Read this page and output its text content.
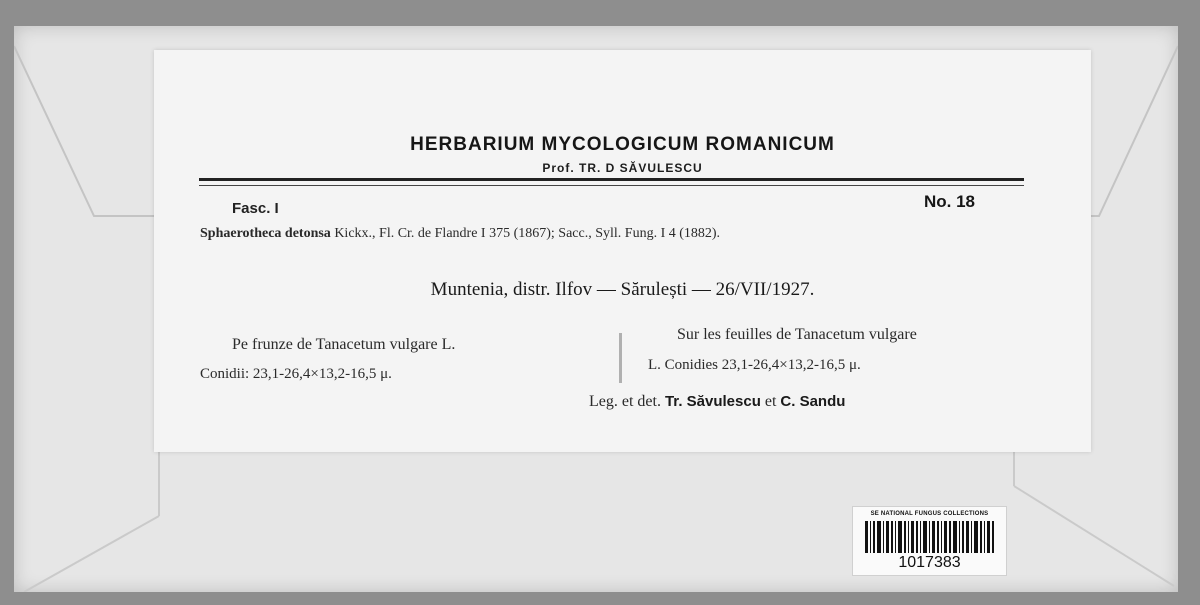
HERBARIUM MYCOLOGICUM ROMANICUM
Prof. TR. D SĂVULESCU
Fasc. I	No. 18
Sphaerotheca detonsa Kickx., Fl. Cr. de Flandre I 375 (1867); Sacc., Syll. Fung. I 4 (1882).
Muntenia, distr. Ilfov — Sărulești — 26/VII/1927.
Pe frunze de Tanacetum vulgare L.
Conidii: 23,1-26,4×13,2-16,5 μ.
Sur les feuilles de Tanacetum vulgare
L. Conidies 23,1-26,4×13,2-16,5 μ.
Leg. et det. Tr. Săvulescu et C. Sandu
SE NATIONAL FUNGUS COLLECTIONS
1017383
